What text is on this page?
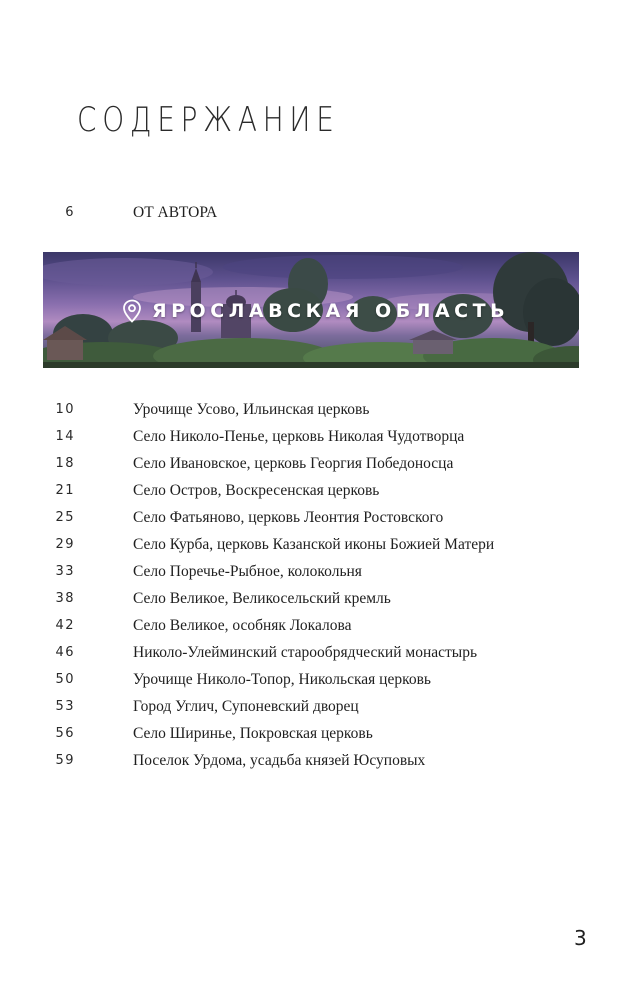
СОДЕРЖАНИЕ
6	ОТ АВТОРА
ЯРОСЛАВСКАЯ ОБЛАСТЬ
10	Урочище Усово, Ильинская церковь
14	Село Николо-Пенье, церковь Николая Чудотворца
18	Село Ивановское, церковь Георгия Победоносца
21	Село Остров, Воскресенская церковь
25	Село Фатьяново, церковь Леонтия Ростовского
29	Село Курба, церковь Казанской иконы Божией Матери
33	Село Поречье-Рыбное, колокольня
38	Село Великое, Великосельский кремль
42	Село Великое, особняк Локалова
46	Николо-Улейминский старообрядческий монастырь
50	Урочище Николо-Топор, Никольская церковь
53	Город Углич, Супоневский дворец
56	Село Ширинье, Покровская церковь
59	Поселок Урдома, усадьба князей Юсуповых
3
